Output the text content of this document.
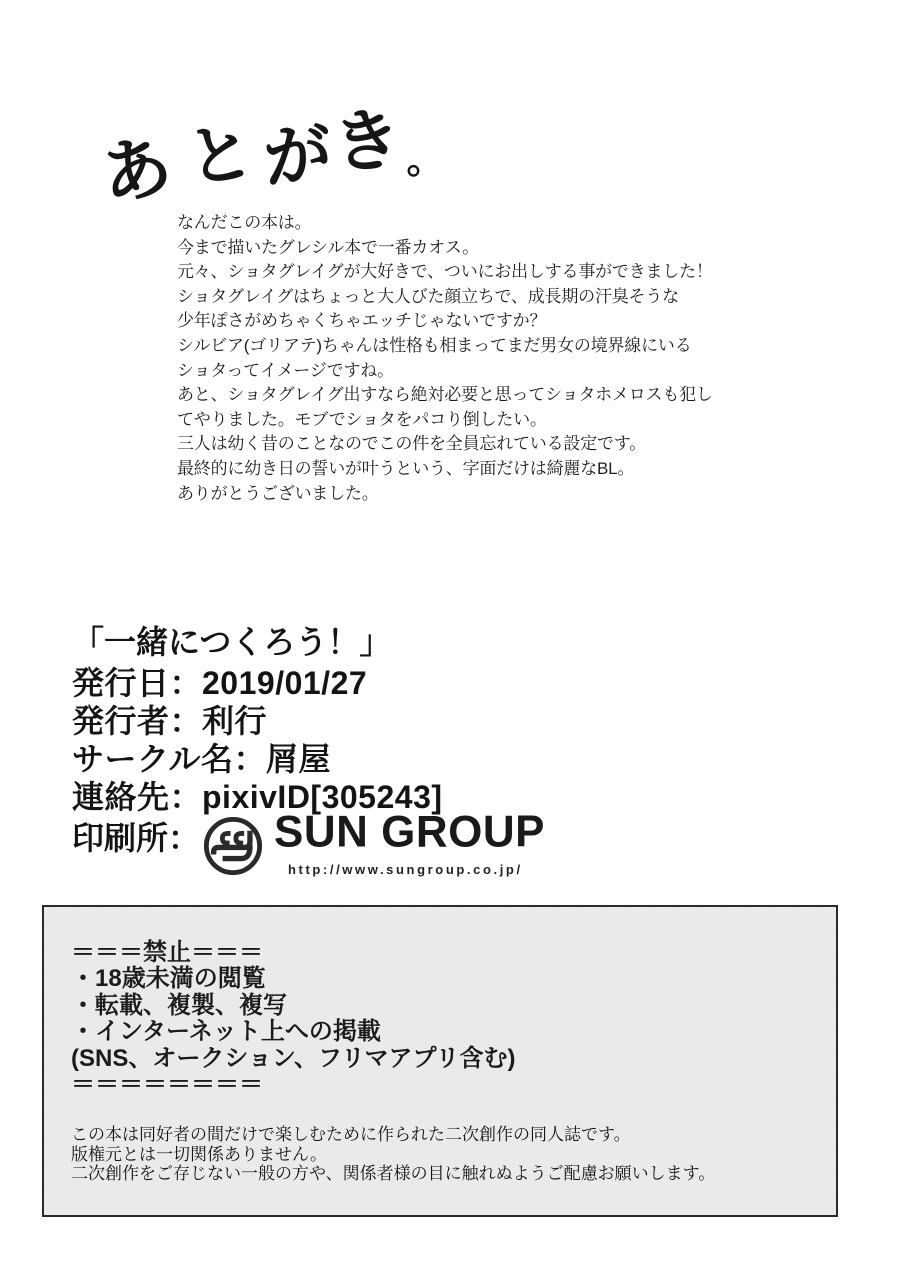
あとがき。
なんだこの本は。
今まで描いたグレシル本で一番カオス。
元々、ショタグレイグが大好きで、ついにお出しする事ができました！
ショタグレイグはちょっと大人びた顔立ちで、成長期の汗臭そうな
少年ぽさがめちゃくちゃエッチじゃないですか？
シルビア(ゴリアテ)ちゃんは性格も相まってまだ男女の境界線にいる
ショタってイメージですね。
あと、ショタグレイグ出すなら絶対必要と思ってショタホメロスも犯し
てやりました。モブでショタをパコり倒したい。
三人は幼く昔のことなのでこの件を全員忘れている設定です。
最終的に幼き日の誓いが叶うという、字面だけは綺麗なBL。
ありがとうございました。
「一緒につくろう！」
発行日：2019/01/27
発行者：利行
サークル名：屑屋
連絡先：pixivID[305243]
印刷所： SUN GROUP
http://www.sungroup.co.jp/
＝＝＝禁止＝＝＝
・18歳未満の閲覧
・転載、複製、複写
・インターネット上への掲載
(SNS、オークション、フリマアプリ含む)
＝＝＝＝＝＝＝＝
この本は同好者の間だけで楽しむために作られた二次創作の同人誌です。
版権元とは一切関係ありません。
二次創作をご存じない一般の方や、関係者様の目に触れぬようご配慮お願いします。
